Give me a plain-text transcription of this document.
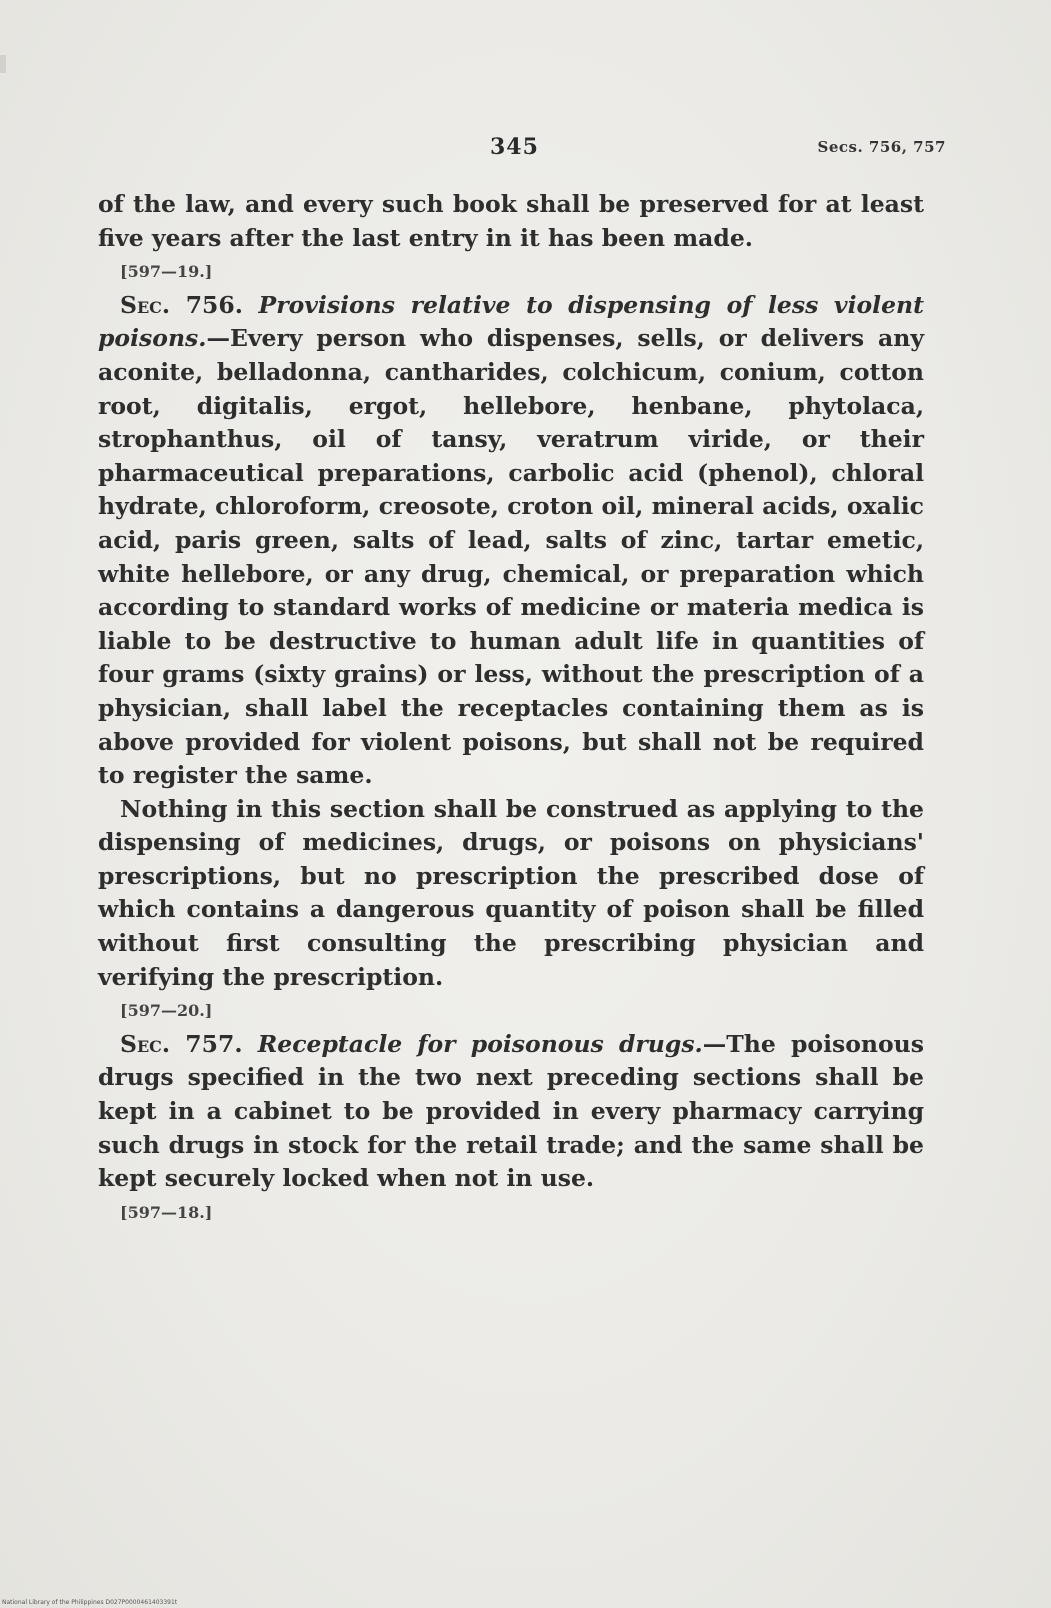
345	Secs. 756, 757

of the law, and every such book shall be preserved for at least five years after the last entry in it has been made.

[597—19.]

Sec. 756. Provisions relative to dispensing of less violent poisons.—Every person who dispenses, sells, or delivers any aconite, belladonna, cantharides, colchicum, conium, cotton root, digitalis, ergot, hellebore, henbane, phytolaca, strophanthus, oil of tansy, veratrum viride, or their pharmaceutical preparations, carbolic acid (phenol), chloral hydrate, chloroform, creosote, croton oil, mineral acids, oxalic acid, paris green, salts of lead, salts of zinc, tartar emetic, white hellebore, or any drug, chemical, or preparation which according to standard works of medicine or materia medica is liable to be destructive to human adult life in quantities of four grams (sixty grains) or less, without the prescription of a physician, shall label the receptacles containing them as is above provided for violent poisons, but shall not be required to register the same.

Nothing in this section shall be construed as applying to the dispensing of medicines, drugs, or poisons on physicians' prescriptions, but no prescription the prescribed dose of which contains a dangerous quantity of poison shall be filled without first consulting the prescribing physician and verifying the prescription.

[597—20.]

Sec. 757. Receptacle for poisonous drugs.—The poisonous drugs specified in the two next preceding sections shall be kept in a cabinet to be provided in every pharmacy carrying such drugs in stock for the retail trade; and the same shall be kept securely locked when not in use.

[597—18.]

National Library of the Philippines D027P0000461403391t
